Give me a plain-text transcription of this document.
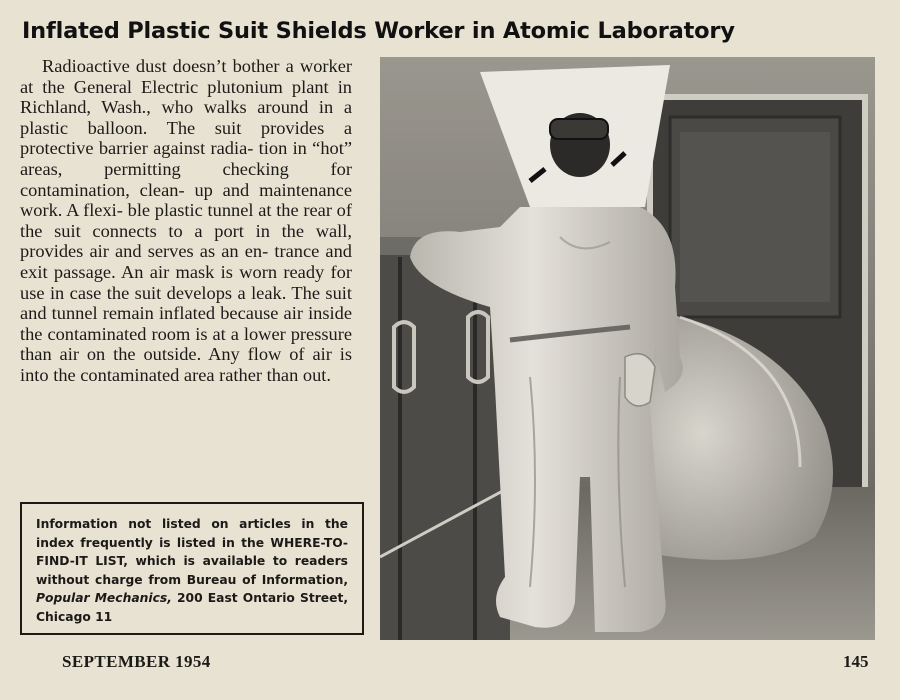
Inflated Plastic Suit Shields Worker in Atomic Laboratory

Radioactive dust doesn’t bother a worker at the General Electric plutonium plant in Richland, Wash., who walks around in a plastic balloon. The suit provides a protective barrier against radia- tion in “hot” areas, permitting checking for contamination, clean- up and maintenance work. A flexi- ble plastic tunnel at the rear of the suit connects to a port in the wall, provides air and serves as an en- trance and exit passage. An air mask is worn ready for use in case the suit develops a leak. The suit and tunnel remain inflated because air inside the contaminated room is at a lower pressure than air on the outside. Any flow of air is into the contaminated area rather than out.

Information not listed on articles in the index frequently is listed in the WHERE-TO-FIND-IT LIST, which is available to readers without charge from Bureau of Information, Popular Mechanics, 200 East Ontario Street, Chicago 11
SEPTEMBER 1954	145
